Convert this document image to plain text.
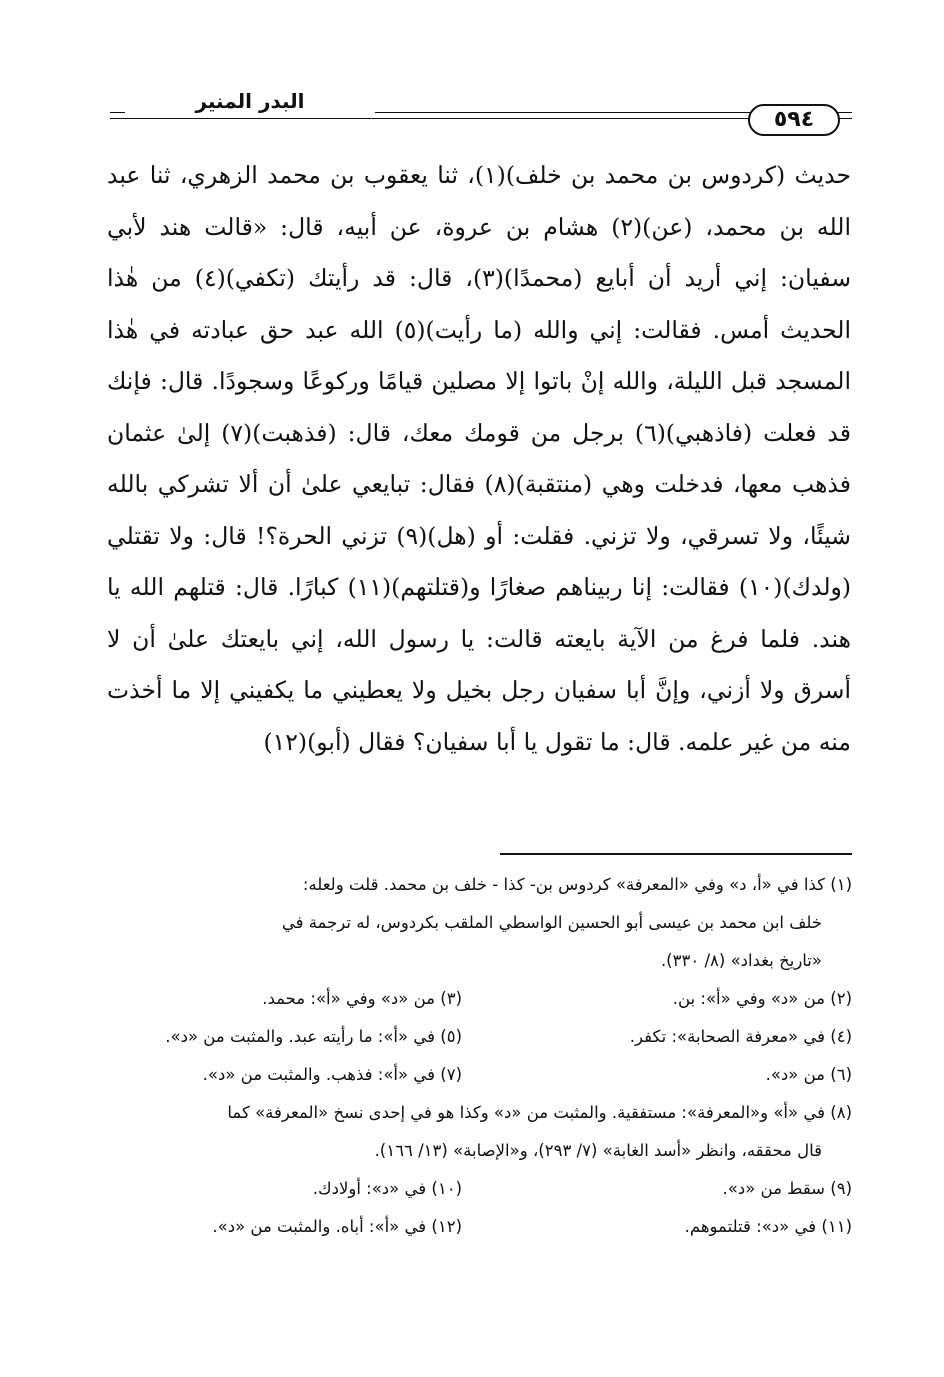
البدر المنير
٥٩٤

حديث (كردوس بن محمد بن خلف)(١)، ثنا يعقوب بن محمد الزهري، ثنا عبد الله بن محمد، (عن)(٢) هشام بن عروة، عن أبيه، قال: «قالت هند لأبي سفيان: إني أريد أن أبايع (محمدًا)(٣)، قال: قد رأيتك (تكفي)(٤) من هٰذا الحديث أمس. فقالت: إني والله (ما رأيت)(٥) الله عبد حق عبادته في هٰذا المسجد قبل الليلة، والله إنْ باتوا إلا مصلين قيامًا وركوعًا وسجودًا. قال: فإنك قد فعلت (فاذهبي)(٦) برجل من قومك معك، قال: (فذهبت)(٧) إلىٰ عثمان فذهب معها، فدخلت وهي (منتقبة)(٨) فقال: تبايعي علىٰ أن ألا تشركي بالله شيئًا، ولا تسرقي، ولا تزني. فقلت: أو (هل)(٩) تزني الحرة؟! قال: ولا تقتلي (ولدك)(١٠) فقالت: إنا ربيناهم صغارًا و(قتلتهم)(١١) كبارًا. قال: قتلهم الله يا هند. فلما فرغ من الآية بايعته قالت: يا رسول الله، إني بايعتك علىٰ أن لا أسرق ولا أزني، وإنَّ أبا سفيان رجل بخيل ولا يعطيني ما يكفيني إلا ما أخذت منه من غير علمه. قال: ما تقول يا أبا سفيان؟ فقال (أبو)(١٢)

(١) كذا في «أ، د» وفي «المعرفة» كردوس بن- كذا - خلف بن محمد. قلت ولعله:
خلف ابن محمد بن عيسى أبو الحسين الواسطي الملقب بكردوس، له ترجمة في
«تاريخ بغداد» (٨/ ٣٣٠).
(٢) من «د» وفي «أ»: بن.
(٣) من «د» وفي «أ»: محمد.
(٤) في «معرفة الصحابة»: تكفر.
(٥) في «أ»: ما رأيته عبد. والمثبت من «د».
(٦) من «د».
(٧) في «أ»: فذهب. والمثبت من «د».
(٨) في «أ» و«المعرفة»: مستفقية. والمثبت من «د» وكذا هو في إحدى نسخ «المعرفة» كما
قال محققه، وانظر «أسد الغابة» (٧/ ٢٩٣)، و«الإصابة» (١٣/ ١٦٦).
(٩) سقط من «د».
(١٠) في «د»: أولادك.
(١١) في «د»: قتلتموهم.
(١٢) في «أ»: أباه. والمثبت من «د».
